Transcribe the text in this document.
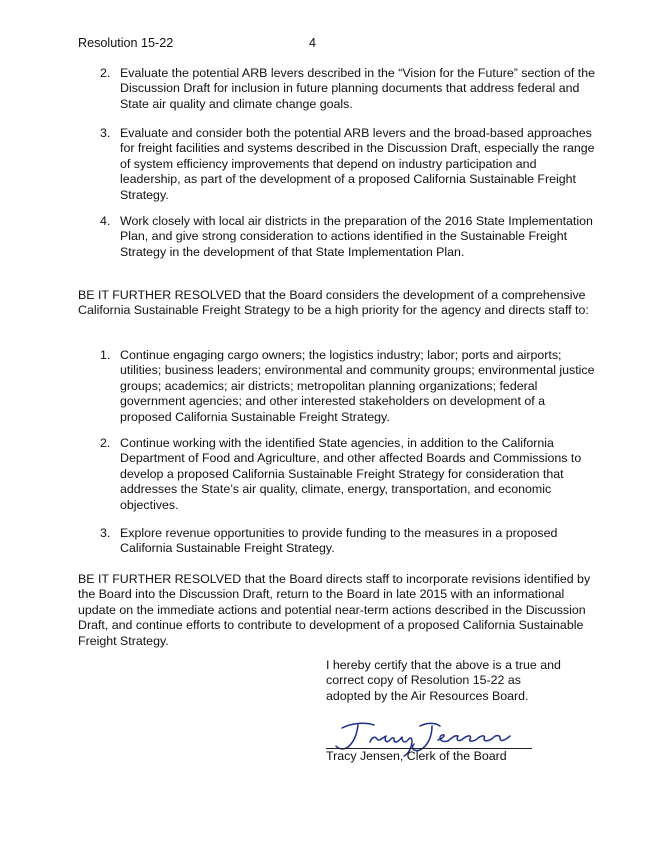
Resolution 15-22	4
2. Evaluate the potential ARB levers described in the “Vision for the Future” section of the Discussion Draft for inclusion in future planning documents that address federal and State air quality and climate change goals.
3. Evaluate and consider both the potential ARB levers and the broad-based approaches for freight facilities and systems described in the Discussion Draft, especially the range of system efficiency improvements that depend on industry participation and leadership, as part of the development of a proposed California Sustainable Freight Strategy.
4. Work closely with local air districts in the preparation of the 2016 State Implementation Plan, and give strong consideration to actions identified in the Sustainable Freight Strategy in the development of that State Implementation Plan.
BE IT FURTHER RESOLVED that the Board considers the development of a comprehensive California Sustainable Freight Strategy to be a high priority for the agency and directs staff to:
1. Continue engaging cargo owners; the logistics industry; labor; ports and airports; utilities; business leaders; environmental and community groups; environmental justice groups; academics; air districts; metropolitan planning organizations; federal government agencies; and other interested stakeholders on development of a proposed California Sustainable Freight Strategy.
2. Continue working with the identified State agencies, in addition to the California Department of Food and Agriculture, and other affected Boards and Commissions to develop a proposed California Sustainable Freight Strategy for consideration that addresses the State’s air quality, climate, energy, transportation, and economic objectives.
3. Explore revenue opportunities to provide funding to the measures in a proposed California Sustainable Freight Strategy.
BE IT FURTHER RESOLVED that the Board directs staff to incorporate revisions identified by the Board into the Discussion Draft, return to the Board in late 2015 with an informational update on the immediate actions and potential near-term actions described in the Discussion Draft, and continue efforts to contribute to development of a proposed California Sustainable Freight Strategy.
I hereby certify that the above is a true and correct copy of Resolution 15-22 as adopted by the Air Resources Board.
Tracy Jensen, Clerk of the Board
